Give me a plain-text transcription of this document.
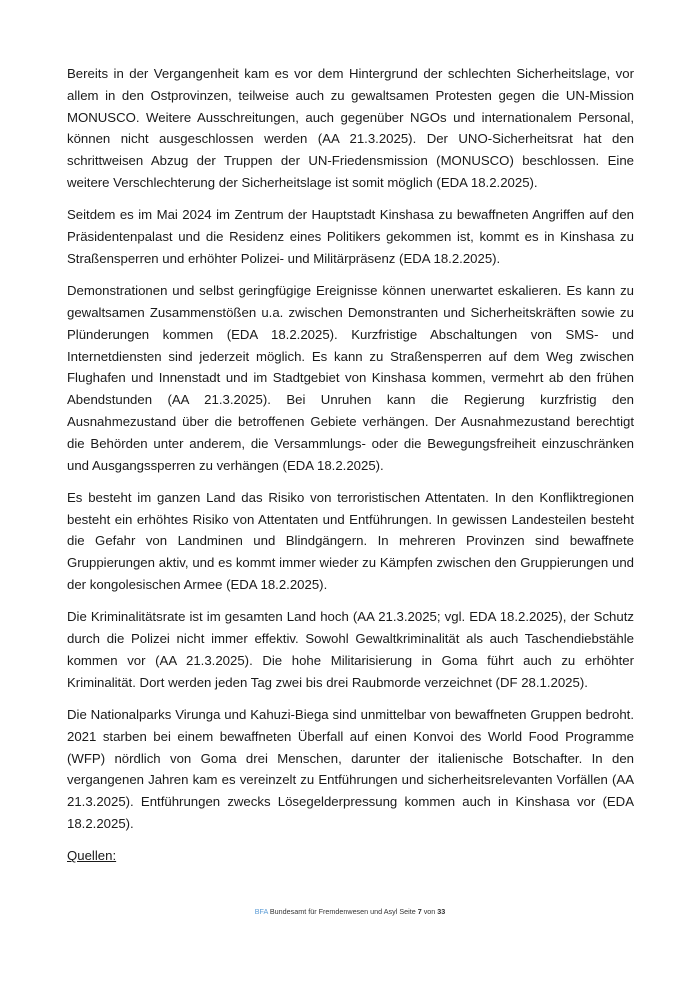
Bereits in der Vergangenheit kam es vor dem Hintergrund der schlechten Sicherheitslage, vor allem in den Ostprovinzen, teilweise auch zu gewaltsamen Protesten gegen die UN-Mission MONUSCO. Weitere Ausschreitungen, auch gegenüber NGOs und internationalem Personal, können nicht ausgeschlossen werden (AA 21.3.2025). Der UNO-Sicherheitsrat hat den schrittweisen Abzug der Truppen der UN-Friedensmission (MONUSCO) beschlossen. Eine weitere Verschlechterung der Sicherheitslage ist somit möglich (EDA 18.2.2025).

Seitdem es im Mai 2024 im Zentrum der Hauptstadt Kinshasa zu bewaffneten Angriffen auf den Präsidentenpalast und die Residenz eines Politikers gekommen ist, kommt es in Kinshasa zu Straßensperren und erhöhter Polizei- und Militärpräsenz (EDA 18.2.2025).

Demonstrationen und selbst geringfügige Ereignisse können unerwartet eskalieren. Es kann zu gewaltsamen Zusammenstößen u.a. zwischen Demonstranten und Sicherheitskräften sowie zu Plünderungen kommen (EDA 18.2.2025). Kurzfristige Abschaltungen von SMS- und Internetdiensten sind jederzeit möglich. Es kann zu Straßensperren auf dem Weg zwischen Flughafen und Innenstadt und im Stadtgebiet von Kinshasa kommen, vermehrt ab den frühen Abendstunden (AA 21.3.2025). Bei Unruhen kann die Regierung kurzfristig den Ausnahmezustand über die betroffenen Gebiete verhängen. Der Ausnahmezustand berechtigt die Behörden unter anderem, die Versammlungs- oder die Bewegungsfreiheit einzuschränken und Ausgangssperren zu verhängen (EDA 18.2.2025).

Es besteht im ganzen Land das Risiko von terroristischen Attentaten. In den Konfliktregionen besteht ein erhöhtes Risiko von Attentaten und Entführungen. In gewissen Landesteilen besteht die Gefahr von Landminen und Blindgängern. In mehreren Provinzen sind bewaffnete Gruppierungen aktiv, und es kommt immer wieder zu Kämpfen zwischen den Gruppierungen und der kongolesischen Armee (EDA 18.2.2025).

Die Kriminalitätsrate ist im gesamten Land hoch (AA 21.3.2025; vgl. EDA 18.2.2025), der Schutz durch die Polizei nicht immer effektiv. Sowohl Gewaltkriminalität als auch Taschendiebstähle kommen vor (AA 21.3.2025). Die hohe Militarisierung in Goma führt auch zu erhöhter Kriminalität. Dort werden jeden Tag zwei bis drei Raubmorde verzeichnet (DF 28.1.2025).

Die Nationalparks Virunga und Kahuzi-Biega sind unmittelbar von bewaffneten Gruppen bedroht. 2021 starben bei einem bewaffneten Überfall auf einen Konvoi des World Food Programme (WFP) nördlich von Goma drei Menschen, darunter der italienische Botschafter. In den vergangenen Jahren kam es vereinzelt zu Entführungen und sicherheitsrelevanten Vorfällen (AA 21.3.2025). Entführungen zwecks Lösegelderpressung kommen auch in Kinshasa vor (EDA 18.2.2025).

Quellen:

BFA Bundesamt für Fremdenwesen und Asyl Seite 7 von 33
